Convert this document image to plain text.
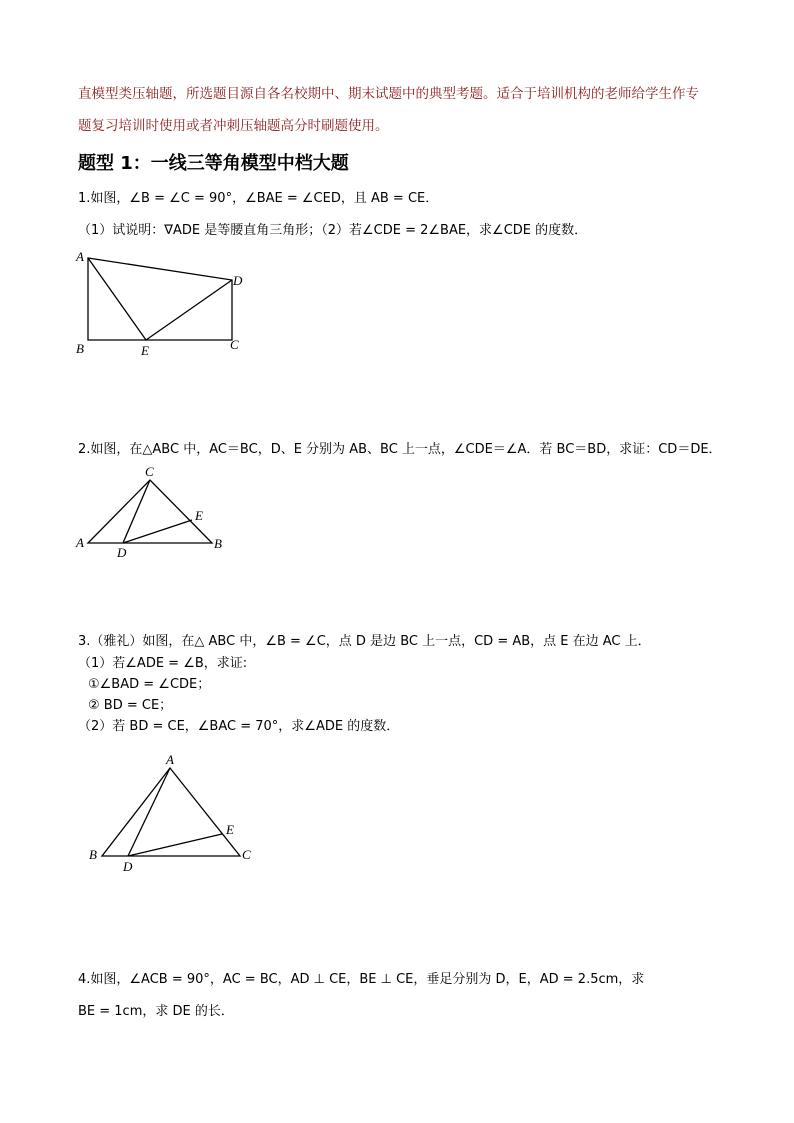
直模型类压轴题，所选题目源自各名校期中、期末试题中的典型考题。适合于培训机构的老师给学生作专
题复习培训时使用或者冲刺压轴题高分时刷题使用。
题型 1：一线三等角模型中档大题
1.如图，∠B = ∠C = 90°，∠BAE = ∠CED，且 AB = CE．
（1）试说明：∇ADE 是等腰直角三角形；（2）若∠CDE = 2∠BAE，求∠CDE 的度数．
A
B	E	C
D
2.如图，在△ABC 中，AC＝BC，D、E 分别为 AB、BC 上一点，∠CDE＝∠A．若 BC＝BD，求证：CD＝DE．
C
E
A
D
B
3.（雅礼）如图，在△ ABC 中，∠B = ∠C，点 D 是边 BC 上一点，CD = AB，点 E 在边 AC 上．
（1）若∠ADE = ∠B，求证:
①∠BAD = ∠CDE；
② BD = CE；
（2）若 BD = CE，∠BAC = 70°，求∠ADE 的度数．
A
E
B
D
C
4.如图，∠ACB = 90°，AC = BC，AD ⊥ CE，BE ⊥ CE，垂足分别为 D，E，AD = 2.5cm，求
BE = 1cm，求 DE 的长．
